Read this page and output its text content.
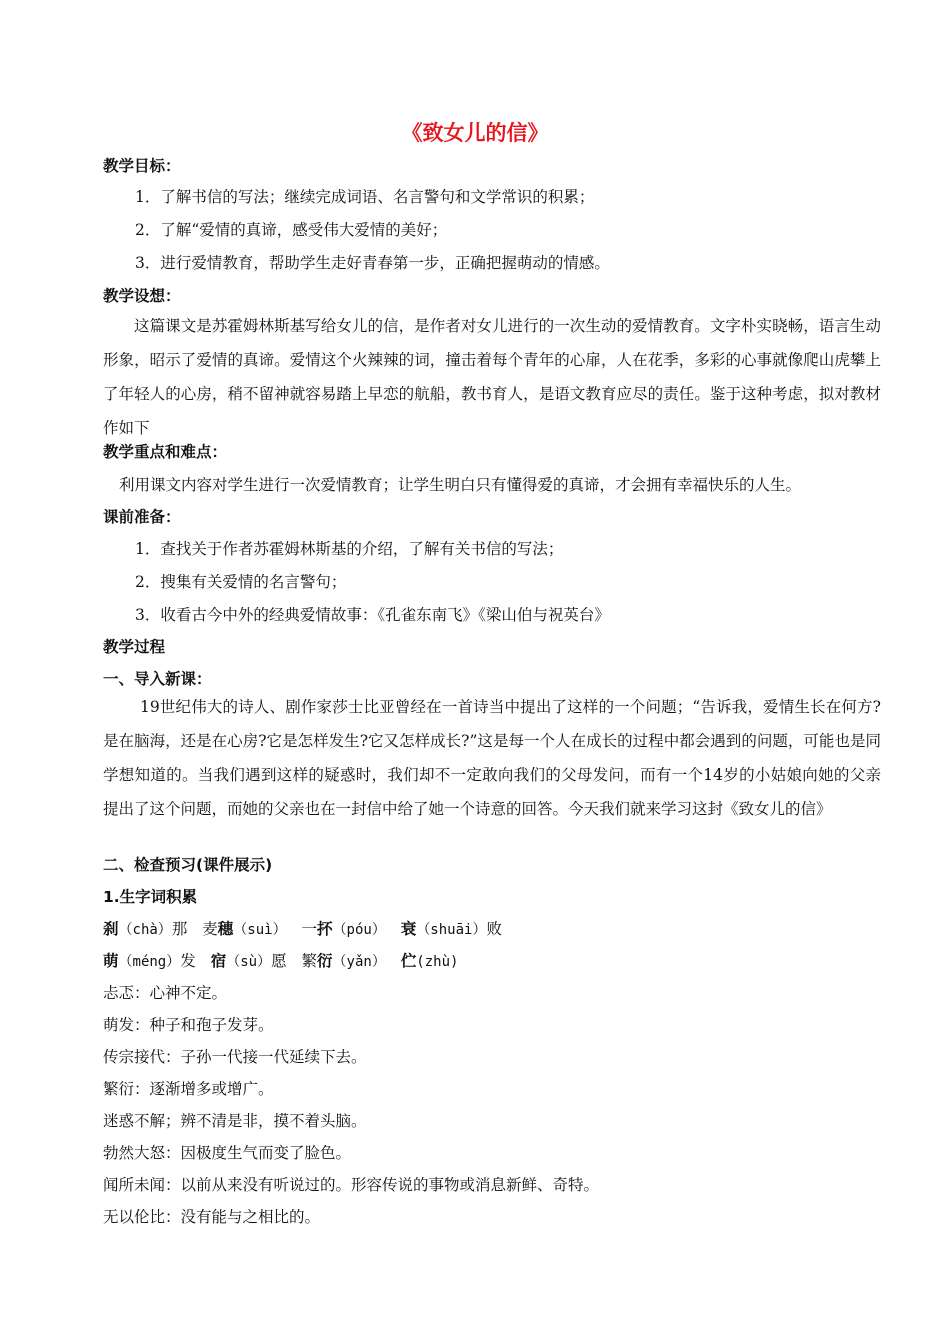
《致女儿的信》
教学目标：
1．了解书信的写法；继续完成词语、名言警句和文学常识的积累；
2．了解“爱情的真谛，感受伟大爱情的美好；
3．进行爱情教育，帮助学生走好青春第一步，正确把握萌动的情感。
教学设想：
这篇课文是苏霍姆林斯基写给女儿的信，是作者对女儿进行的一次生动的爱情教育。文字朴实晓畅，语言生动形象，昭示了爱情的真谛。爱情这个火辣辣的词，撞击着每个青年的心扉，人在花季，多彩的心事就像爬山虎攀上了年轻人的心房，稍不留神就容易踏上早恋的航船，教书育人，是语文教育应尽的责任。鉴于这种考虑，拟对教材作如下
教学重点和难点：
利用课文内容对学生进行一次爱情教育；让学生明白只有懂得爱的真谛，才会拥有幸福快乐的人生。
课前准备：
1．查找关于作者苏霍姆林斯基的介绍，了解有关书信的写法；
2．搜集有关爱情的名言警句；
3．收看古今中外的经典爱情故事：《孔雀东南飞》《梁山伯与祝英台》
教学过程
一、导入新课：
19世纪伟大的诗人、剧作家莎士比亚曾经在一首诗当中提出了这样的一个问题；“告诉我，爱情生长在何方?是在脑海，还是在心房?它是怎样发生?它又怎样成长?”这是每一个人在成长的过程中都会遇到的问题，可能也是同学想知道的。当我们遇到这样的疑惑时，我们却不一定敢向我们的父母发问，而有一个14岁的小姑娘向她的父亲提出了这个问题，而她的父亲也在一封信中给了她一个诗意的回答。今天我们就来学习这封《致女儿的信》
二、检查预习(课件展示)
1.生字词积累
刹（chà）那 麦穗（suì） 一抔（póu） 衰（shuāi）败
萌（méng）发 宿（sù）愿 繁衍（yǎn） 伫(zhù)
忐忑：心神不定。
萌发：种子和孢子发芽。
传宗接代：子孙一代接一代延续下去。
繁衍：逐渐增多或增广。
迷惑不解；辨不清是非，摸不着头脑。
勃然大怒：因极度生气而变了脸色。
闻所未闻：以前从来没有听说过的。形容传说的事物或消息新鲜、奇特。
无以伦比：没有能与之相比的。
